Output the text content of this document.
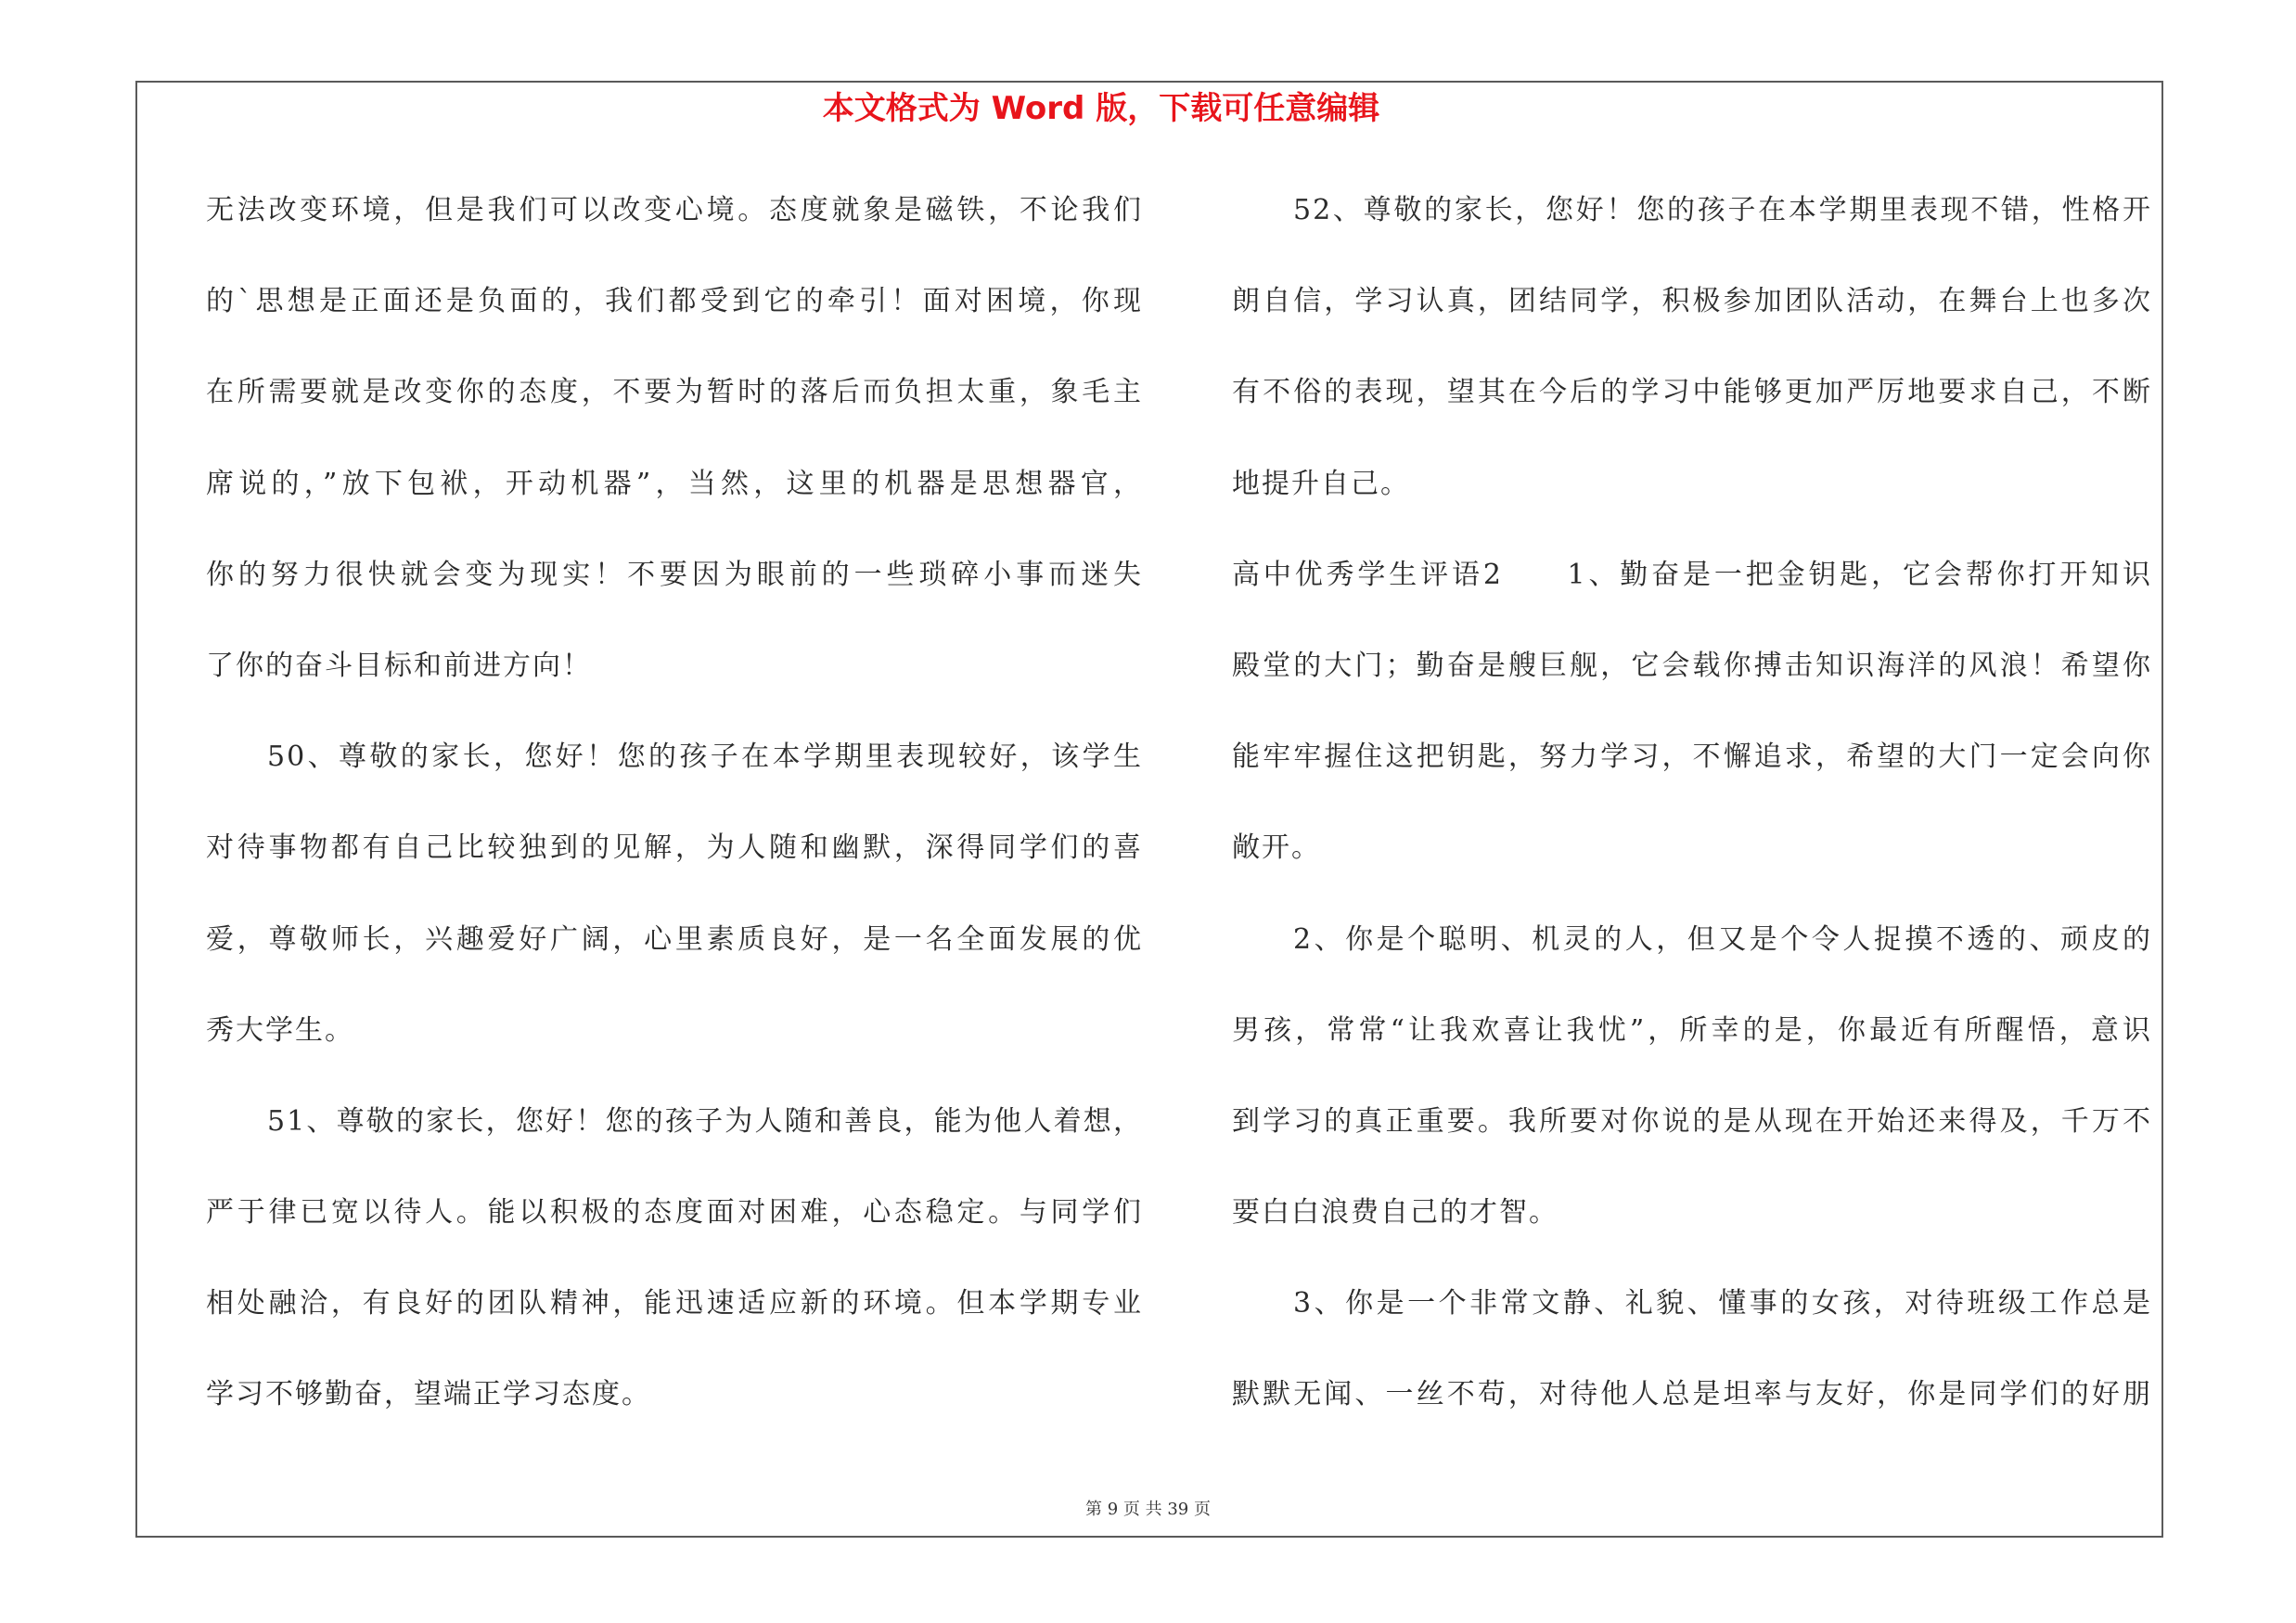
本文格式为 Word 版，下载可任意编辑
无法改变环境，但是我们可以改变心境。态度就象是磁铁，不论我们
的`思想是正面还是负面的，我们都受到它的牵引！面对困境，你现
在所需要就是改变你的态度，不要为暂时的落后而负担太重，象毛主
席说的，”放下包袱，开动机器”，当然，这里的机器是思想器官，
你的努力很快就会变为现实！不要因为眼前的一些琐碎小事而迷失
了你的奋斗目标和前进方向！
50、尊敬的家长，您好！您的孩子在本学期里表现较好，该学生
对待事物都有自己比较独到的见解，为人随和幽默，深得同学们的喜
爱，尊敬师长，兴趣爱好广阔，心里素质良好，是一名全面发展的优
秀大学生。
51、尊敬的家长，您好！您的孩子为人随和善良，能为他人着想，
严于律已宽以待人。能以积极的态度面对困难，心态稳定。与同学们
相处融洽，有良好的团队精神，能迅速适应新的环境。但本学期专业
学习不够勤奋，望端正学习态度。
52、尊敬的家长，您好！您的孩子在本学期里表现不错，性格开
朗自信，学习认真，团结同学，积极参加团队活动，在舞台上也多次
有不俗的表现，望其在今后的学习中能够更加严厉地要求自己，不断
地提升自己。
高中优秀学生评语2　　1、勤奋是一把金钥匙，它会帮你打开知识
殿堂的大门；勤奋是艘巨舰，它会载你搏击知识海洋的风浪！希望你
能牢牢握住这把钥匙，努力学习，不懈追求，希望的大门一定会向你
敞开。
2、你是个聪明、机灵的人，但又是个令人捉摸不透的、顽皮的
男孩，常常“让我欢喜让我忧”，所幸的是，你最近有所醒悟，意识
到学习的真正重要。我所要对你说的是从现在开始还来得及，千万不
要白白浪费自己的才智。
3、你是一个非常文静、礼貌、懂事的女孩，对待班级工作总是
默默无闻、一丝不苟，对待他人总是坦率与友好，你是同学们的好朋
第 9 页 共 39 页
